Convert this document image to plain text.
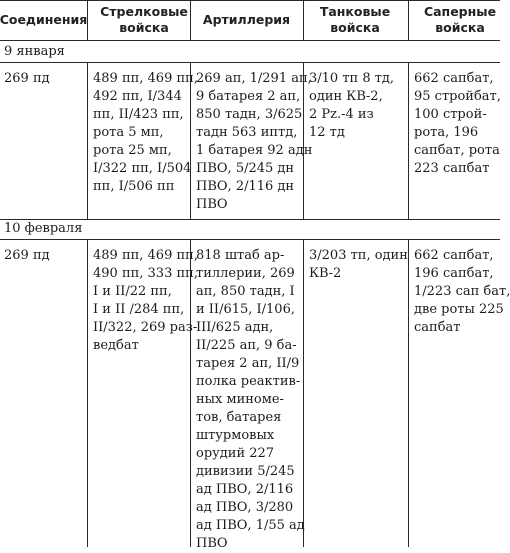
Соединения
Стрелковые войска
Артиллерия
Танковые войска
Саперные войска
9 января
10 февраля
269 пд	489 пп, 469 пп,
492 пп, I/344
пп, II/423 пп,
рота 5 мп,
рота 25 мп,
I/322 пп, I/504
пп, I/506 пп
269 ап, 1/291 ап,
9 батарея 2 ап,
850 тадн, 3/625
тадн 563 иптд,
1 батарея 92 адн
ПВО, 5/245 дн
ПВО, 2/116 дн
ПВО
3/10 тп 8 тд,
один КВ-2,
2 Pz.-4 из
12 тд
662 сапбат,
95 стройбат,
100 строй-
рота, 196
сапбат, рота
223 сапбат
269 пд	489 пп, 469 пп,
490 пп, 333 пп,
I и II/22 пп,
I и II /284 пп,
II/322, 269 раз-
ведбат
818 штаб ар-
тиллерии, 269
ап, 850 тадн, I
и II/615, I/106,
III/625 адн,
II/225 ап, 9 ба-
тарея 2 ап, II/9
полка реактив-
ных миноме-
тов, батарея
штурмовых
орудий 227
дивизии 5/245
ад ПВО, 2/116
ад ПВО, 3/280
ад ПВО, 1/55 ад
ПВО
3/203 тп, один
КВ-2
662 сапбат,
196 сапбат,
1/223 сап бат,
две роты 225
сапбат
